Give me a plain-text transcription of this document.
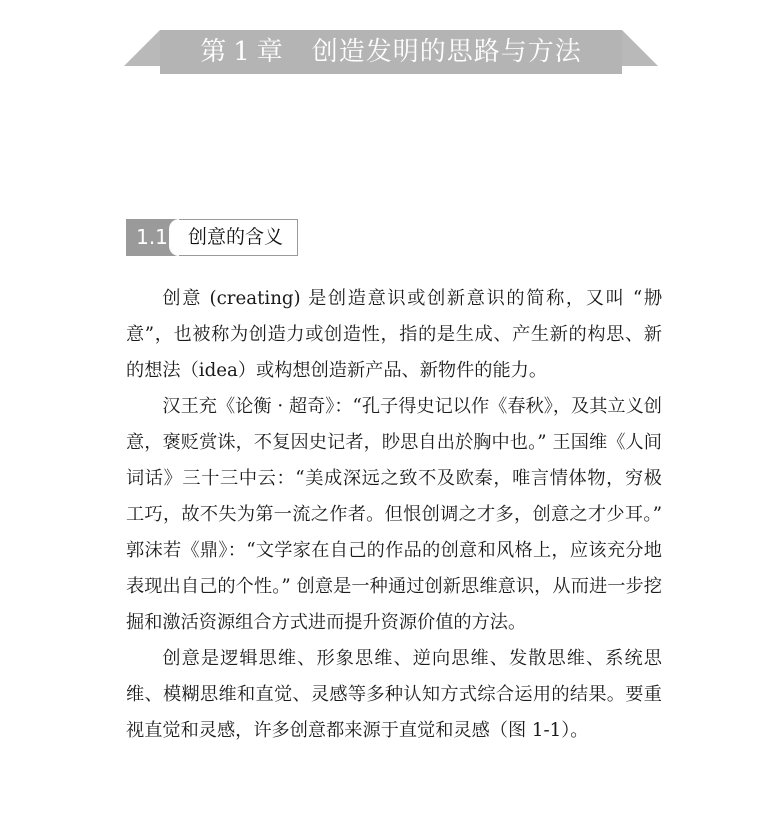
第 1 章 创造发明的思路与方法
1.1	创意的含义

创意 (creating) 是创造意识或创新意识的简称，又叫 “刱意”，也被称为创造力或创造性，指的是生成、产生新的构思、新的想法（idea）或构想创造新产品、新物件的能力。

汉王充《论衡 · 超奇》：“孔子得史记以作《春秋》，及其立义创意，褒贬赏诛，不复因史记者，眇思自出於胸中也。” 王国维《人间词话》三十三中云：“美成深远之致不及欧秦，唯言情体物，穷极工巧，故不失为第一流之作者。但恨创调之才多，创意之才少耳。” 郭沫若《鼎》：“文学家在自己的作品的创意和风格上，应该充分地表现出自己的个性。” 创意是一种通过创新思维意识，从而进一步挖掘和激活资源组合方式进而提升资源价值的方法。

创意是逻辑思维、形象思维、逆向思维、发散思维、系统思维、模糊思维和直觉、灵感等多种认知方式综合运用的结果。要重视直觉和灵感，许多创意都来源于直觉和灵感（图 1-1）。
